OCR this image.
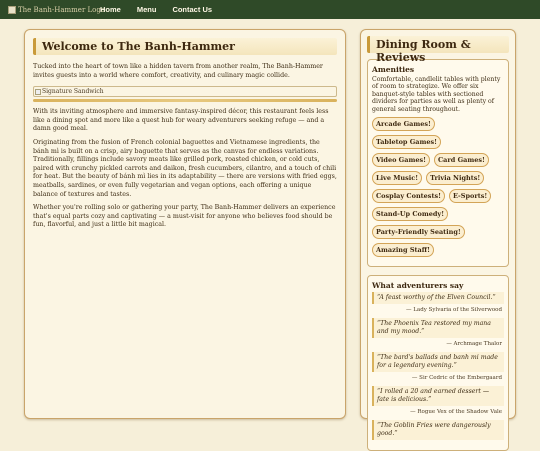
The Banh-Hammer Logo
Home Menu Contact Us
Welcome to The Banh-Hammer

Tucked into the heart of town like a hidden tavern from another realm, The Banh-Hammer invites guests into a world where comfort, creativity, and culinary magic collide.

Signature Sandwich

With its inviting atmosphere and immersive fantasy-inspired décor, this restaurant feels less like a dining spot and more like a quest hub for weary adventurers seeking refuge — and a damn good meal.

Originating from the fusion of French colonial baguettes and Vietnamese ingredients, the bánh mì is built on a crisp, airy baguette that serves as the canvas for endless variations. Traditionally, fillings include savory meats like grilled pork, roasted chicken, or cold cuts, paired with crunchy pickled carrots and daikon, fresh cucumbers, cilantro, and a touch of chili for heat. But the beauty of bánh mì lies in its adaptability — there are versions with fried eggs, meatballs, sardines, or even fully vegetarian and vegan options, each offering a unique balance of textures and tastes.

Whether you're rolling solo or gathering your party, The Banh-Hammer delivers an experience that's equal parts cozy and captivating — a must-visit for anyone who believes food should be fun, flavorful, and just a little bit magical.

Dining Room & Reviews
Amenities
Comfortable, candlelit tables with plenty of room to strategize. We offer six banquet-style tables with sectioned dividers for parties as well as plenty of general seating throughout.
Arcade Games!
Tabletop Games!
Video Games!	Card Games!
Live Music!	Trivia Nights!
Cosplay Contests!	E-Sports!
Stand-Up Comedy!
Party-Friendly Seating!
Amazing Staff!
What adventurers say
“A feast worthy of the Elven Council.”
— Lady Sylvaria of the Silverwood
“The Phoenix Tea restored my mana and my mood.”
— Archmage Thalor
“The bard's ballads and banh mi made for a legendary evening.”
— Sir Cedric of the Embergaard
“I rolled a 20 and earned dessert — fate is delicious.”
— Rogue Vex of the Shadow Vale
“The Goblin Fries were dangerously good.”
